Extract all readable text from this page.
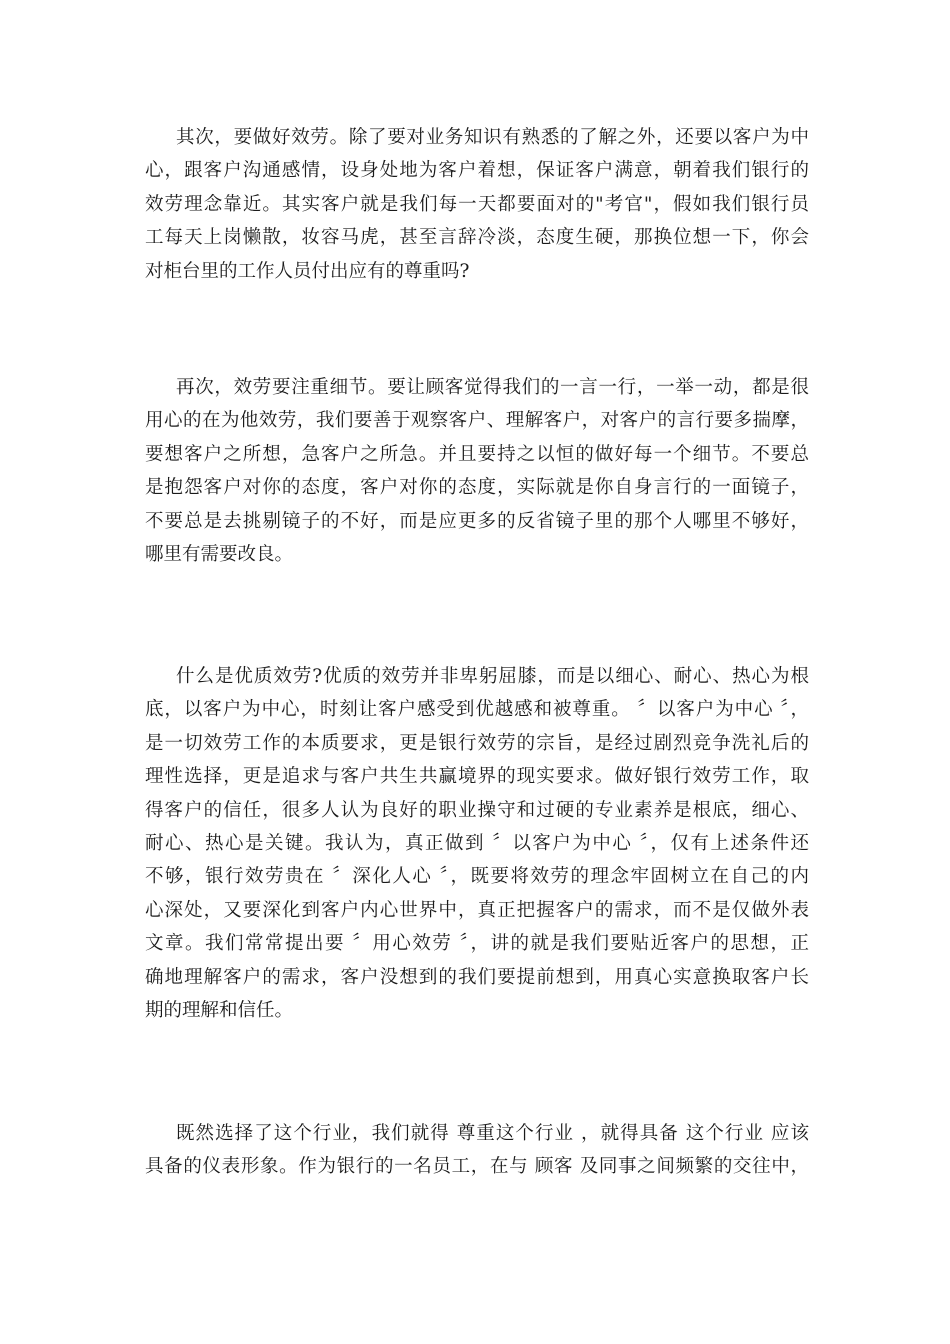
其次，要做好效劳。除了要对业务知识有熟悉的了解之外，还要以客户为中
心，跟客户沟通感情，设身处地为客户着想，保证客户满意，朝着我们银行的
效劳理念靠近。其实客户就是我们每一天都要面对的"考官"，假如我们银行员
工每天上岗懒散，妆容马虎，甚至言辞冷淡，态度生硬，那换位想一下，你会
对柜台里的工作人员付出应有的尊重吗?

再次，效劳要注重细节。要让顾客觉得我们的一言一行，一举一动，都是很
用心的在为他效劳，我们要善于观察客户、理解客户，对客户的言行要多揣摩，
要想客户之所想，急客户之所急。并且要持之以恒的做好每一个细节。不要总
是抱怨客户对你的态度，客户对你的态度，实际就是你自身言行的一面镜子，
不要总是去挑剔镜子的不好，而是应更多的反省镜子里的那个人哪里不够好，
哪里有需要改良。

什么是优质效劳?优质的效劳并非卑躬屈膝，而是以细心、耐心、热心为根
底，以客户为中心，时刻让客户感受到优越感和被尊重。 〞以客户为中心 〞，
是一切效劳工作的本质要求，更是银行效劳的宗旨，是经过剧烈竞争洗礼后的
理性选择，更是追求与客户共生共赢境界的现实要求。做好银行效劳工作，取
得客户的信任，很多人认为良好的职业操守和过硬的专业素养是根底，细心、
耐心、热心是关键。我认为，真正做到 〞以客户为中心 〞，仅有上述条件还
不够，银行效劳贵在 〞深化人心 〞，既要将效劳的理念牢固树立在自己的内
心深处，又要深化到客户内心世界中，真正把握客户的需求，而不是仅做外表
文章。我们常常提出要 〞用心效劳 〞，讲的就是我们要贴近客户的思想，正
确地理解客户的需求，客户没想到的我们要提前想到，用真心实意换取客户长
期的理解和信任。

既然选择了这个行业，我们就得 尊重这个行业 ，就得具备 这个行业 应该
具备的仪表形象。作为银行的一名员工，在与 顾客 及同事之间频繁的交往中，
